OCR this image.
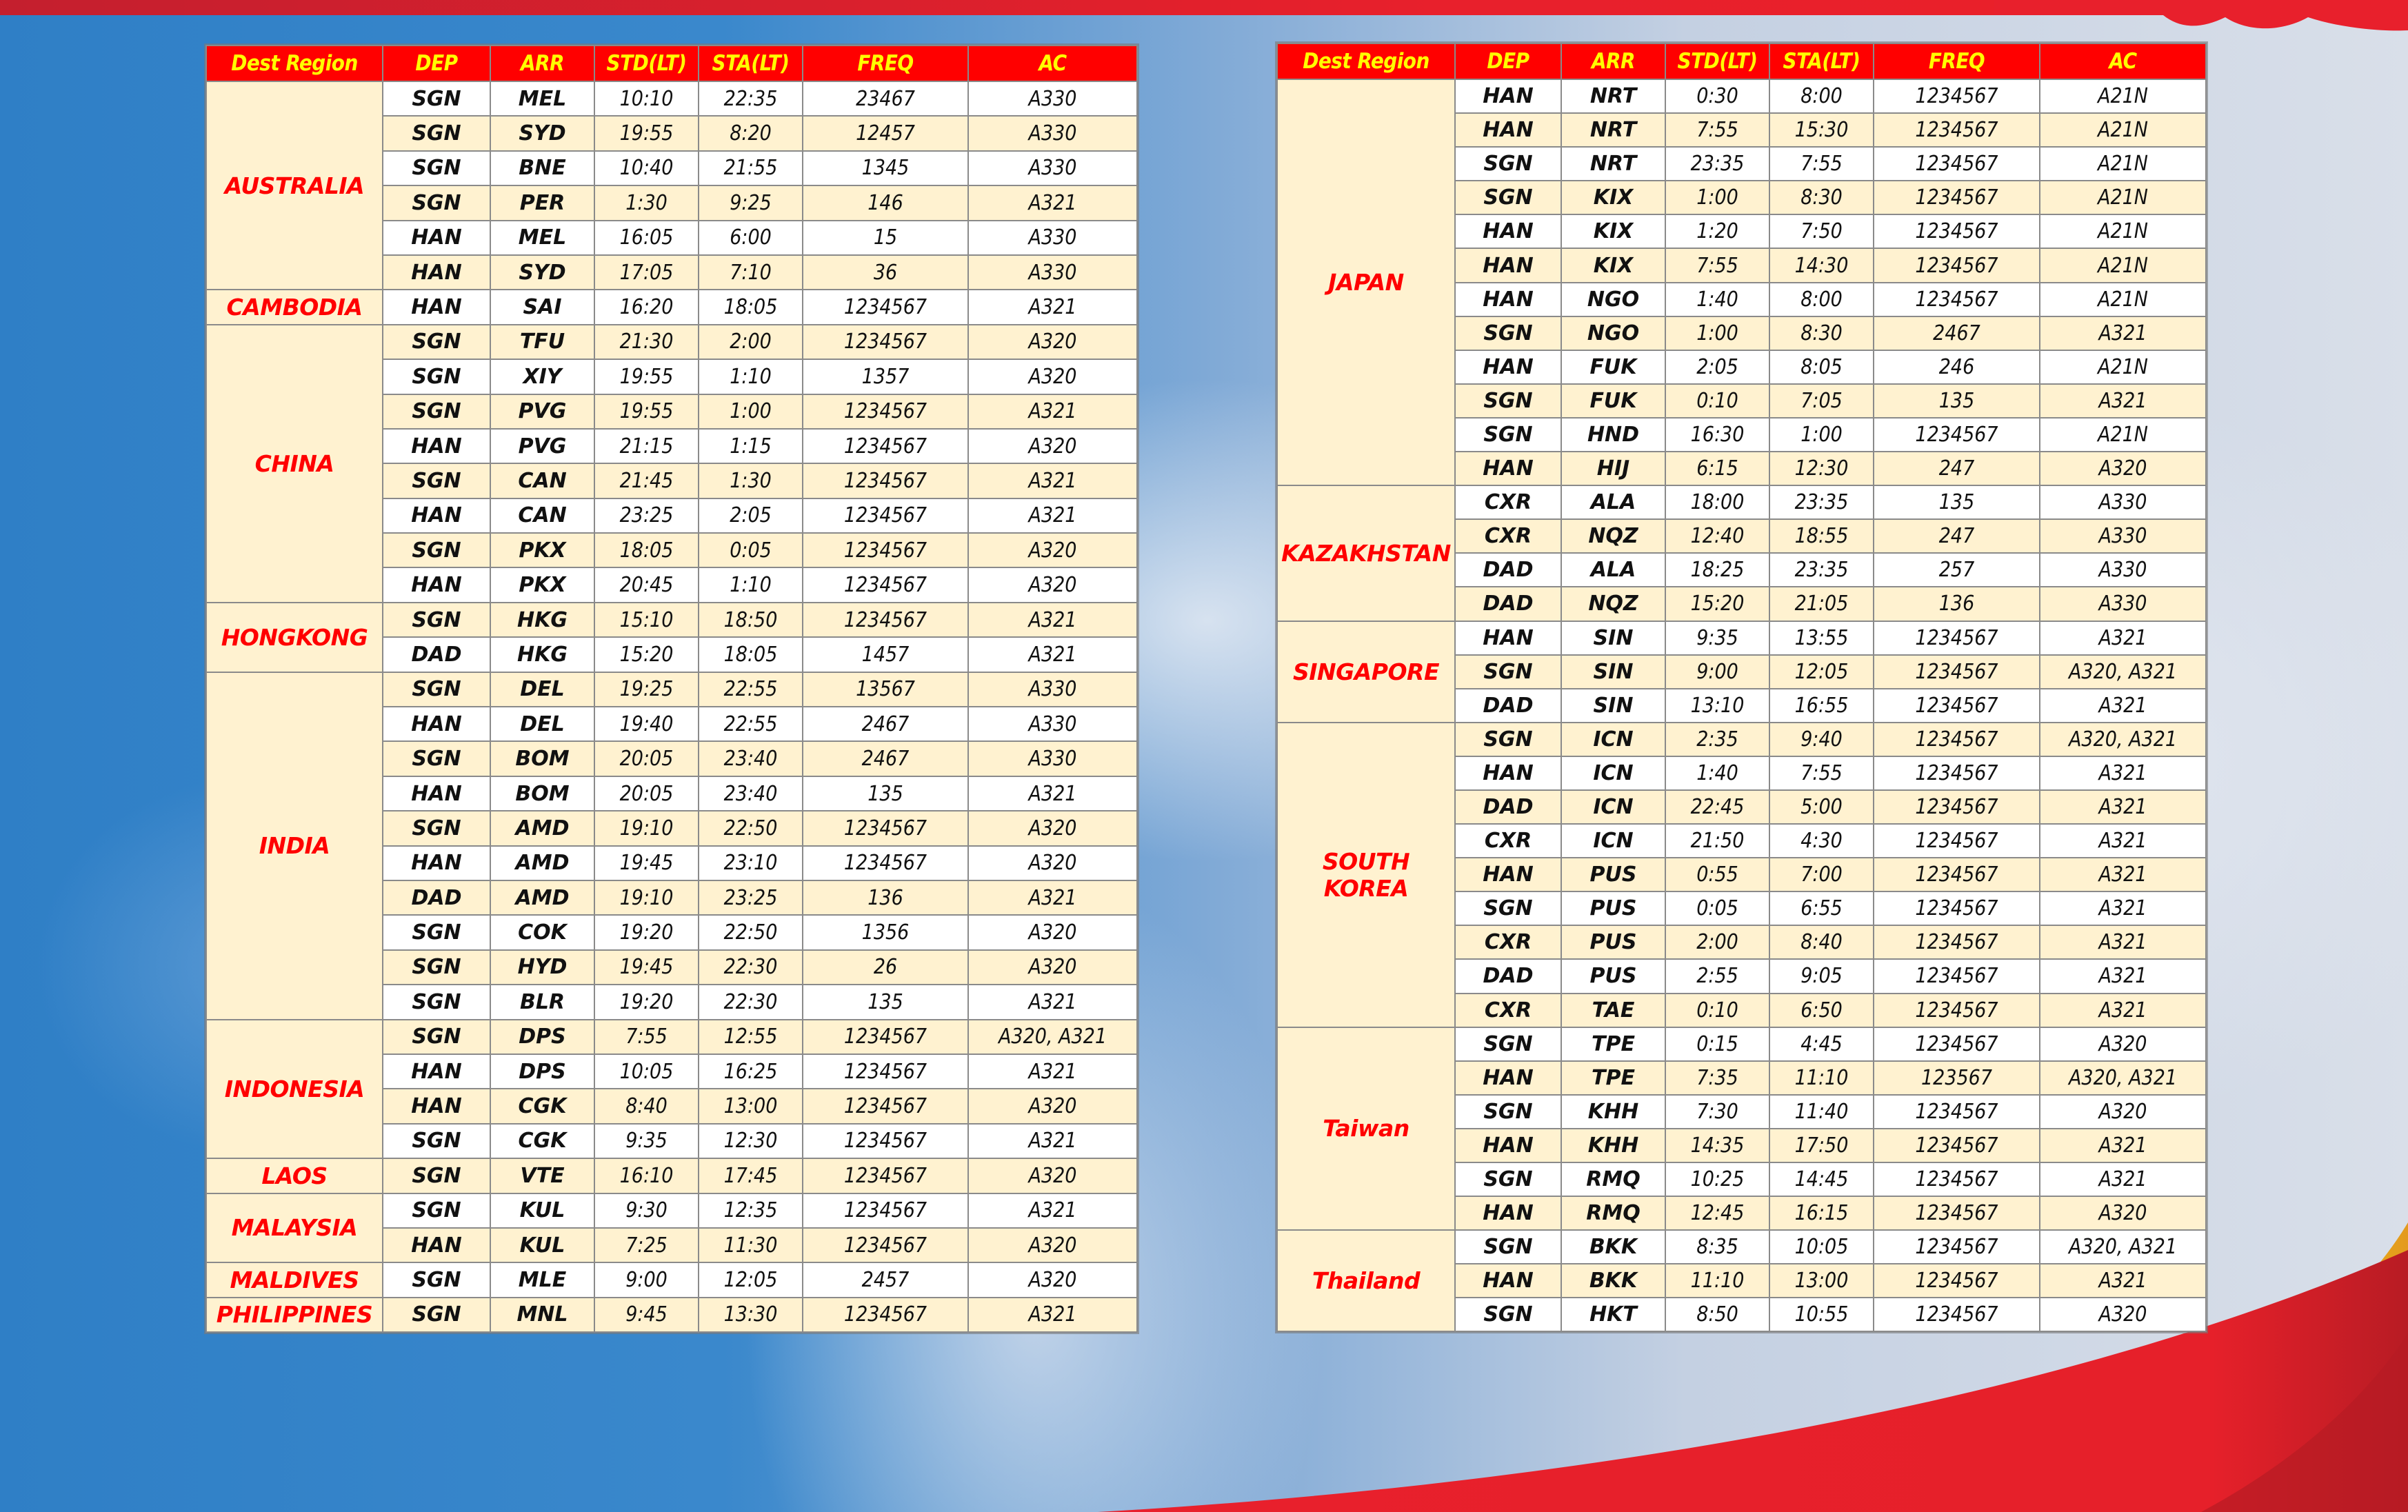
Dest Region	DEP	ARR	STD(LT)	STA(LT)	FREQ	AC
AUSTRALIA	SGN	MEL	10:10	22:35	23467	A330
	SGN	SYD	19:55	8:20	12457	A330
	SGN	BNE	10:40	21:55	1345	A330
	SGN	PER	1:30	9:25	146	A321
	HAN	MEL	16:05	6:00	15	A330
	HAN	SYD	17:05	7:10	36	A330
CAMBODIA	HAN	SAI	16:20	18:05	1234567	A321
CHINA	SGN	TFU	21:30	2:00	1234567	A320
	SGN	XIY	19:55	1:10	1357	A320
	SGN	PVG	19:55	1:00	1234567	A321
	HAN	PVG	21:15	1:15	1234567	A320
	SGN	CAN	21:45	1:30	1234567	A321
	HAN	CAN	23:25	2:05	1234567	A321
	SGN	PKX	18:05	0:05	1234567	A320
	HAN	PKX	20:45	1:10	1234567	A320
HONGKONG	SGN	HKG	15:10	18:50	1234567	A321
	DAD	HKG	15:20	18:05	1457	A321
INDIA	SGN	DEL	19:25	22:55	13567	A330
	HAN	DEL	19:40	22:55	2467	A330
	SGN	BOM	20:05	23:40	2467	A330
	HAN	BOM	20:05	23:40	135	A321
	SGN	AMD	19:10	22:50	1234567	A320
	HAN	AMD	19:45	23:10	1234567	A320
	DAD	AMD	19:10	23:25	136	A321
	SGN	COK	19:20	22:50	1356	A320
	SGN	HYD	19:45	22:30	26	A320
	SGN	BLR	19:20	22:30	135	A321
INDONESIA	SGN	DPS	7:55	12:55	1234567	A320, A321
	HAN	DPS	10:05	16:25	1234567	A321
	HAN	CGK	8:40	13:00	1234567	A320
	SGN	CGK	9:35	12:30	1234567	A321
LAOS	SGN	VTE	16:10	17:45	1234567	A320
MALAYSIA	SGN	KUL	9:30	12:35	1234567	A321
	HAN	KUL	7:25	11:30	1234567	A320
MALDIVES	SGN	MLE	9:00	12:05	2457	A320
PHILIPPINES	SGN	MNL	9:45	13:30	1234567	A321
Dest Region	DEP	ARR	STD(LT)	STA(LT)	FREQ	AC
JAPAN	HAN	NRT	0:30	8:00	1234567	A21N
	HAN	NRT	7:55	15:30	1234567	A21N
	SGN	NRT	23:35	7:55	1234567	A21N
	SGN	KIX	1:00	8:30	1234567	A21N
	HAN	KIX	1:20	7:50	1234567	A21N
	HAN	KIX	7:55	14:30	1234567	A21N
	HAN	NGO	1:40	8:00	1234567	A21N
	SGN	NGO	1:00	8:30	2467	A321
	HAN	FUK	2:05	8:05	246	A21N
	SGN	FUK	0:10	7:05	135	A321
	SGN	HND	16:30	1:00	1234567	A21N
	HAN	HIJ	6:15	12:30	247	A320
KAZAKHSTAN	CXR	ALA	18:00	23:35	135	A330
	CXR	NQZ	12:40	18:55	247	A330
	DAD	ALA	18:25	23:35	257	A330
	DAD	NQZ	15:20	21:05	136	A330
SINGAPORE	HAN	SIN	9:35	13:55	1234567	A321
	SGN	SIN	9:00	12:05	1234567	A320, A321
	DAD	SIN	13:10	16:55	1234567	A321
SOUTH KOREA	SGN	ICN	2:35	9:40	1234567	A320, A321
	HAN	ICN	1:40	7:55	1234567	A321
	DAD	ICN	22:45	5:00	1234567	A321
	CXR	ICN	21:50	4:30	1234567	A321
	HAN	PUS	0:55	7:00	1234567	A321
	SGN	PUS	0:05	6:55	1234567	A321
	CXR	PUS	2:00	8:40	1234567	A321
	DAD	PUS	2:55	9:05	1234567	A321
	CXR	TAE	0:10	6:50	1234567	A321
Taiwan	SGN	TPE	0:15	4:45	1234567	A320
	HAN	TPE	7:35	11:10	123567	A320, A321
	SGN	KHH	7:30	11:40	1234567	A320
	HAN	KHH	14:35	17:50	1234567	A321
	SGN	RMQ	10:25	14:45	1234567	A321
	HAN	RMQ	12:45	16:15	1234567	A320
Thailand	SGN	BKK	8:35	10:05	1234567	A320, A321
	HAN	BKK	11:10	13:00	1234567	A321
	SGN	HKT	8:50	10:55	1234567	A320
